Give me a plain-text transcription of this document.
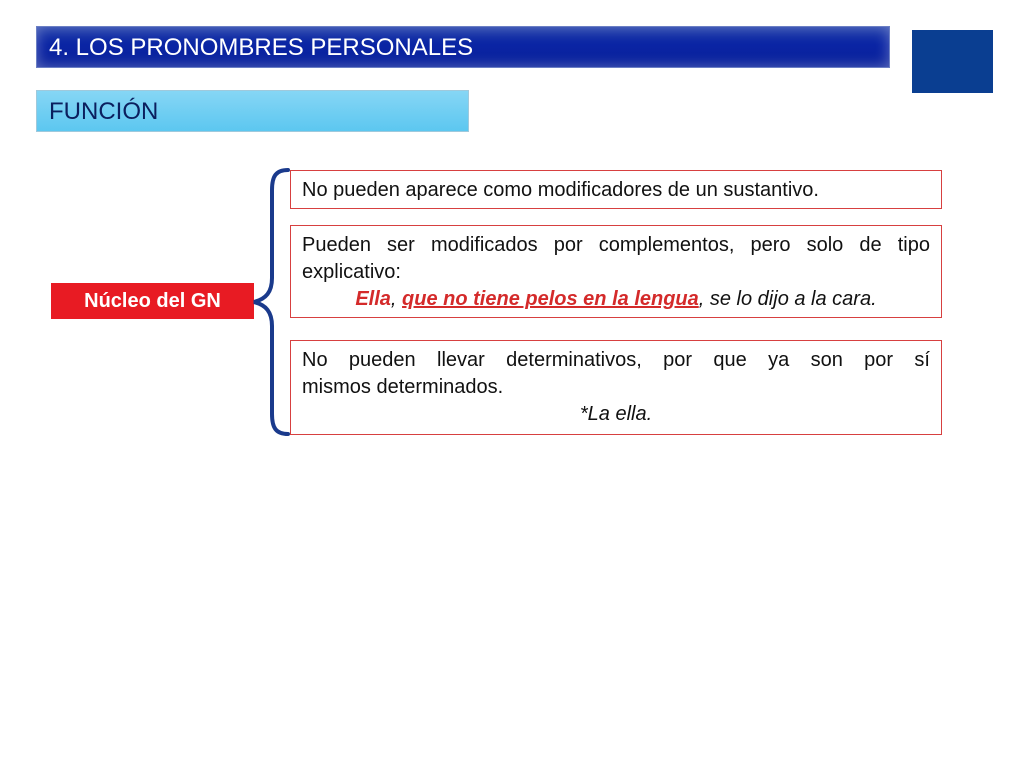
4. LOS PRONOMBRES PERSONALES
FUNCIÓN
Núcleo del GN
No pueden aparece como modificadores de un sustantivo.
Pueden ser modificados por complementos, pero solo de tipo
explicativo:
Ella, que no tiene pelos en la lengua, se lo dijo a la cara.
No pueden llevar determinativos, por que ya son por sí
mismos determinados.
*La ella.
